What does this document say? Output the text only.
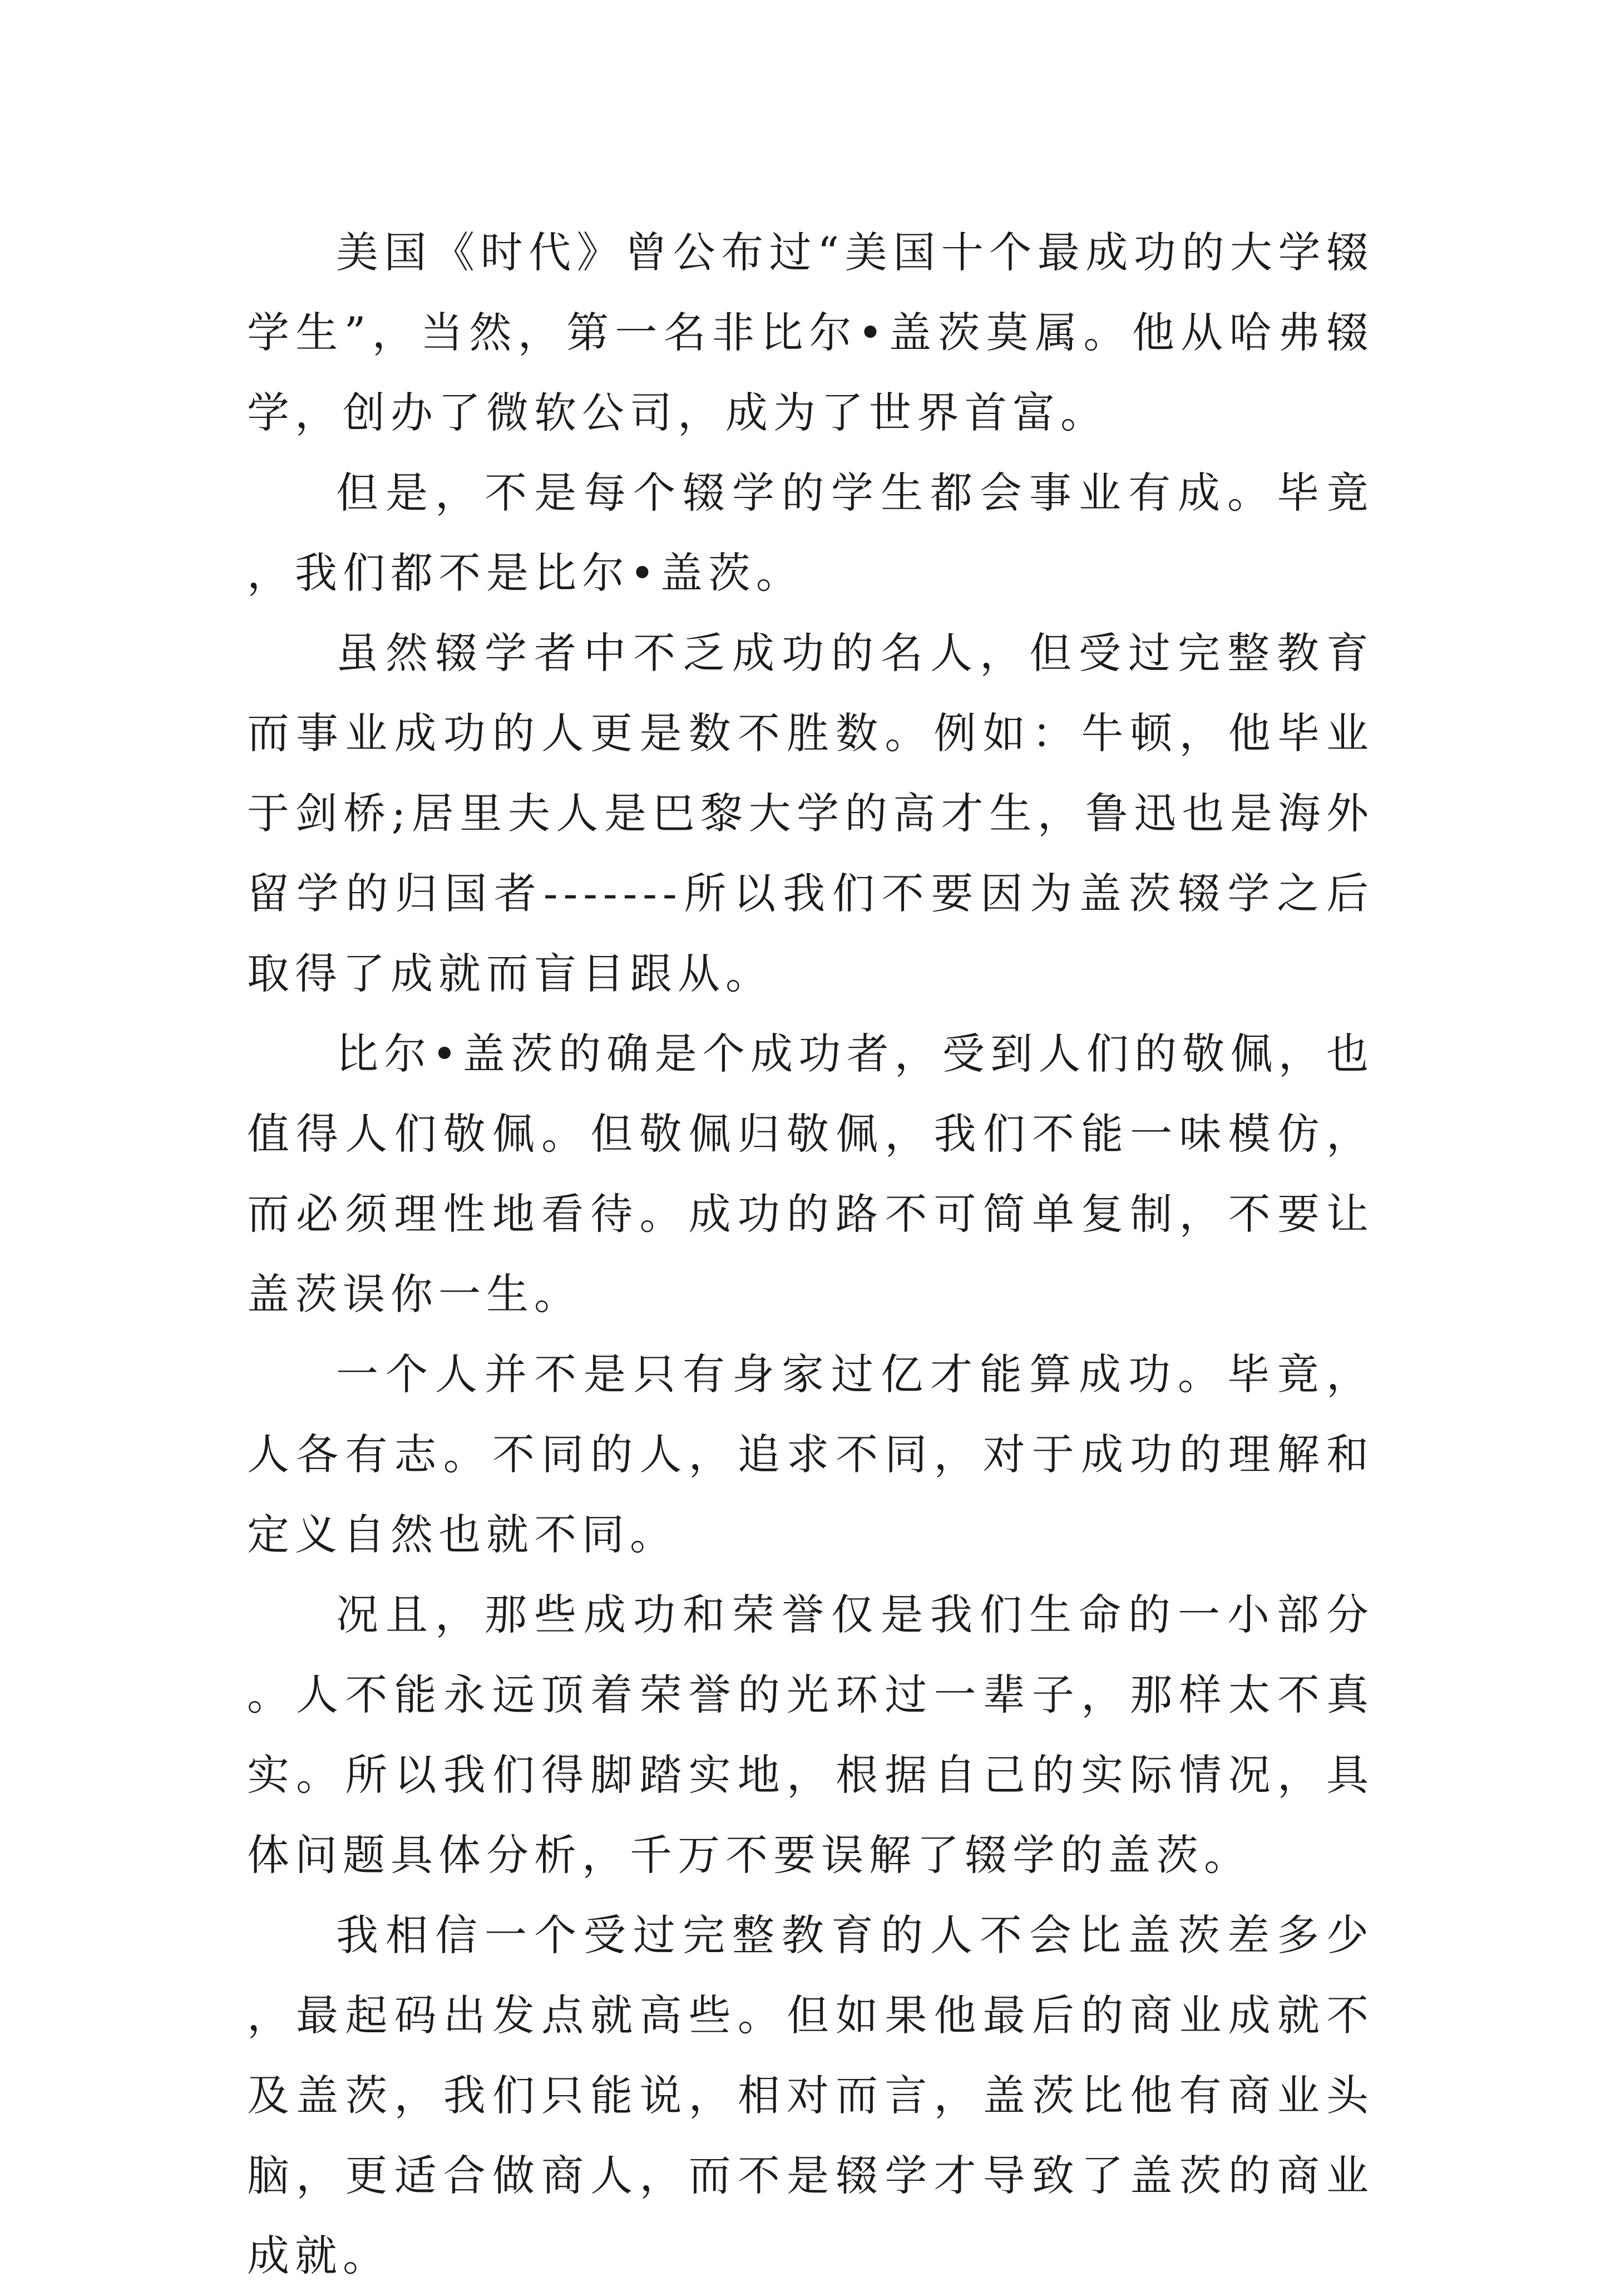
美国《时代》曾公布过“美国十个最成功的大学辍学生”，当然，第一名非比尔•盖茨莫属。他从哈弗辍学，创办了微软公司，成为了世界首富。

但是，不是每个辍学的学生都会事业有成。毕竟，我们都不是比尔•盖茨。

虽然辍学者中不乏成功的名人，但受过完整教育而事业成功的人更是数不胜数。例如：牛顿，他毕业于剑桥;居里夫人是巴黎大学的高才生，鲁迅也是海外留学的归国者-------所以我们不要因为盖茨辍学之后取得了成就而盲目跟从。

比尔•盖茨的确是个成功者，受到人们的敬佩，也值得人们敬佩。但敬佩归敬佩，我们不能一味模仿，而必须理性地看待。成功的路不可简单复制，不要让盖茨误你一生。

一个人并不是只有身家过亿才能算成功。毕竟，人各有志。不同的人，追求不同，对于成功的理解和定义自然也就不同。

况且，那些成功和荣誉仅是我们生命的一小部分。人不能永远顶着荣誉的光环过一辈子，那样太不真实。所以我们得脚踏实地，根据自己的实际情况，具体问题具体分析，千万不要误解了辍学的盖茨。

我相信一个受过完整教育的人不会比盖茨差多少，最起码出发点就高些。但如果他最后的商业成就不及盖茨，我们只能说，相对而言，盖茨比他有商业头脑，更适合做商人，而不是辍学才导致了盖茨的商业成就。
